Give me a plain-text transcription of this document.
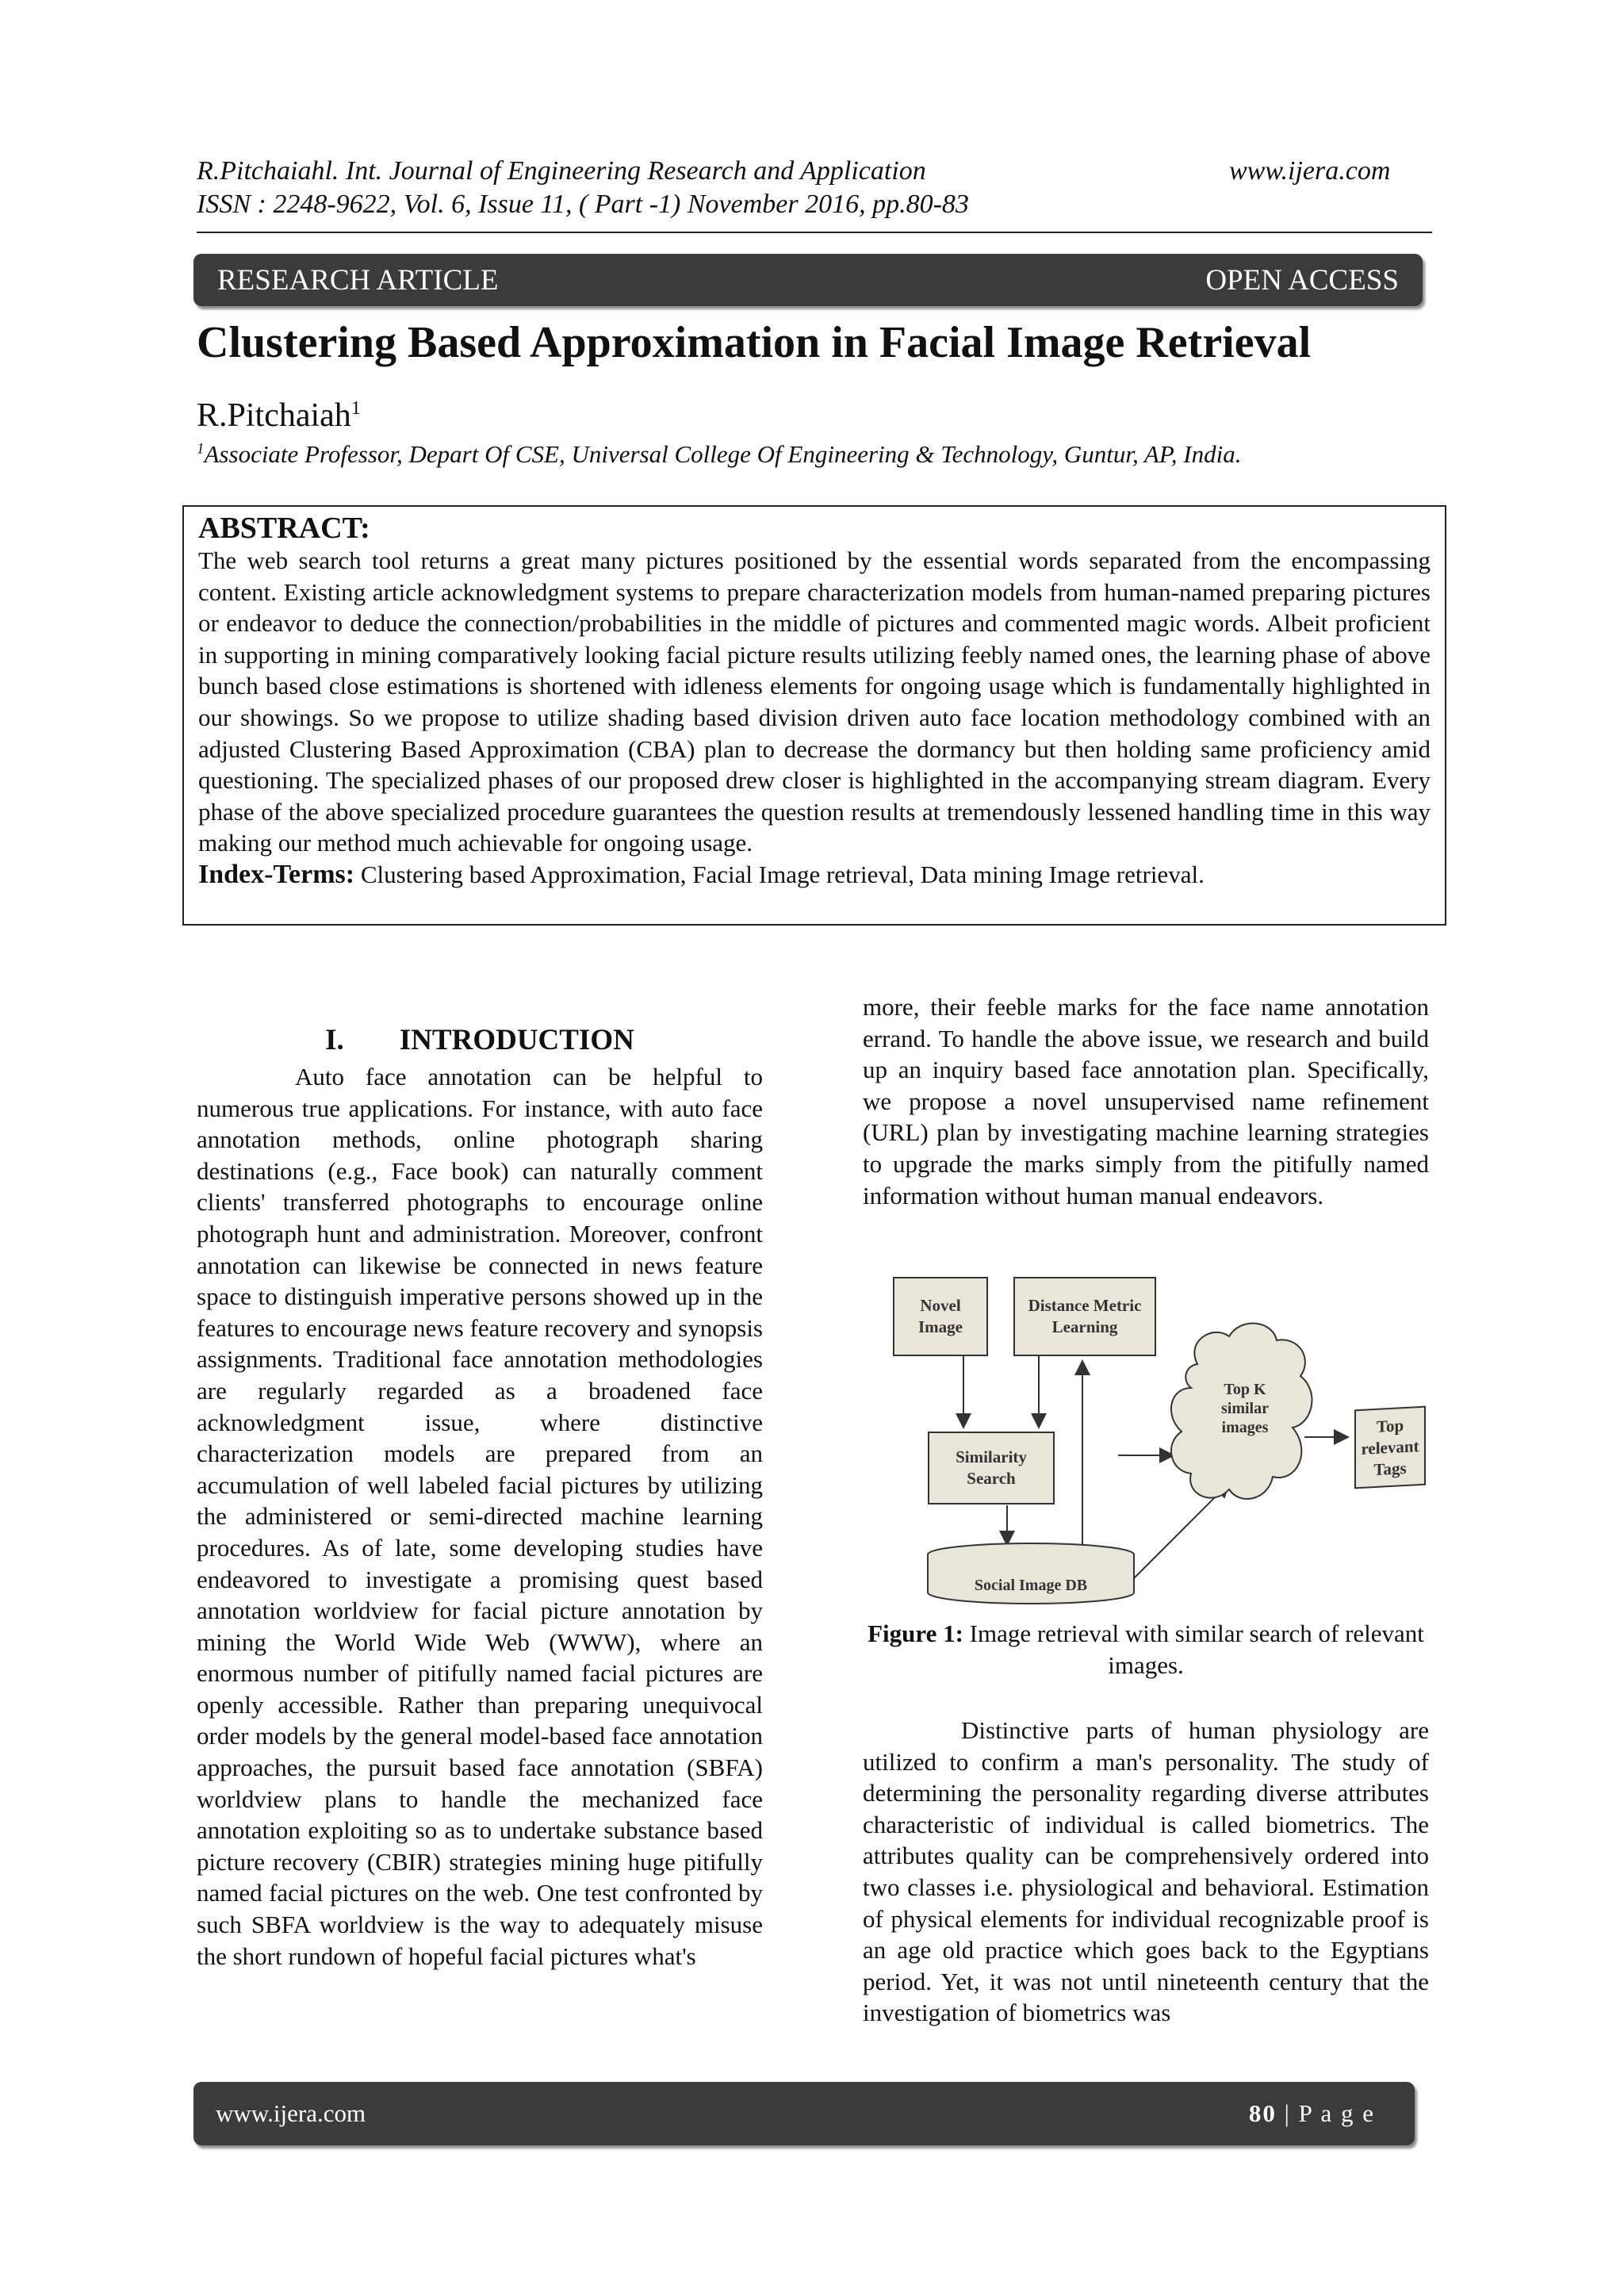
R.Pitchaiahl. Int. Journal of Engineering Research and Application	www.ijera.com
ISSN : 2248-9622, Vol. 6, Issue 11, ( Part -1) November 2016, pp.80-83
RESEARCH ARTICLE	OPEN ACCESS
Clustering Based Approximation in Facial Image Retrieval
R.Pitchaiah$^1$
$^1$Associate Professor, Depart Of CSE, Universal College Of Engineering & Technology, Guntur, AP, India.
ABSTRACT:

The web search tool returns a great many pictures positioned by the essential words separated from the encompassing content. Existing article acknowledgment systems to prepare characterization models from human-named preparing pictures or endeavor to deduce the connection/probabilities in the middle of pictures and commented magic words. Albeit proficient in supporting in mining comparatively looking facial picture results utilizing feebly named ones, the learning phase of above bunch based close estimations is shortened with idleness elements for ongoing usage which is fundamentally highlighted in our showings. So we propose to utilize shading based division driven auto face location methodology combined with an adjusted Clustering Based Approximation (CBA) plan to decrease the dormancy but then holding same proficiency amid questioning. The specialized phases of our proposed drew closer is highlighted in the accompanying stream diagram. Every phase of the above specialized procedure guarantees the question results at tremendously lessened handling time in this way making our method much achievable for ongoing usage.

Index-Terms: Clustering based Approximation, Facial Image retrieval, Data mining Image retrieval.
I. INTRODUCTION

Auto face annotation can be helpful to numerous true applications. For instance, with auto face annotation methods, online photograph sharing destinations (e.g., Face book) can naturally comment clients' transferred photographs to encourage online photograph hunt and administration. Moreover, confront annotation can likewise be connected in news feature space to distinguish imperative persons showed up in the features to encourage news feature recovery and synopsis assignments. Traditional face annotation methodologies are regularly regarded as a broadened face acknowledgment issue, where distinctive characterization models are prepared from an accumulation of well labeled facial pictures by utilizing the administered or semi-directed machine learning procedures. As of late, some developing studies have endeavored to investigate a promising quest based annotation worldview for facial picture annotation by mining the World Wide Web (WWW), where an enormous number of pitifully named facial pictures are openly accessible. Rather than preparing unequivocal order models by the general model-based face annotation approaches, the pursuit based face annotation (SBFA) worldview plans to handle the mechanized face annotation exploiting so as to undertake substance based picture recovery (CBIR) strategies mining huge pitifully named facial pictures on the web. One test confronted by such SBFA worldview is the way to adequately misuse the short rundown of hopeful facial pictures what's

more, their feeble marks for the face name annotation errand. To handle the above issue, we research and build up an inquiry based face annotation plan. Specifically, we propose a novel unsupervised name refinement (URL) plan by investigating machine learning strategies to upgrade the marks simply from the pitifully named information without human manual endeavors.

Novel
Image
Distance Metric
Learning
Similarity
Search
Top K
similar
images	Top
relevant
Tags
Social Image DB
Figure 1: Image retrieval with similar search of relevant images.

Distinctive parts of human physiology are utilized to confirm a man's personality. The study of determining the personality regarding diverse attributes characteristic of individual is called biometrics. The attributes quality can be comprehensively ordered into two classes i.e. physiological and behavioral. Estimation of physical elements for individual recognizable proof is an age old practice which goes back to the Egyptians period. Yet, it was not until nineteenth century that the investigation of biometrics was

www.ijera.com	80 | P a g e
